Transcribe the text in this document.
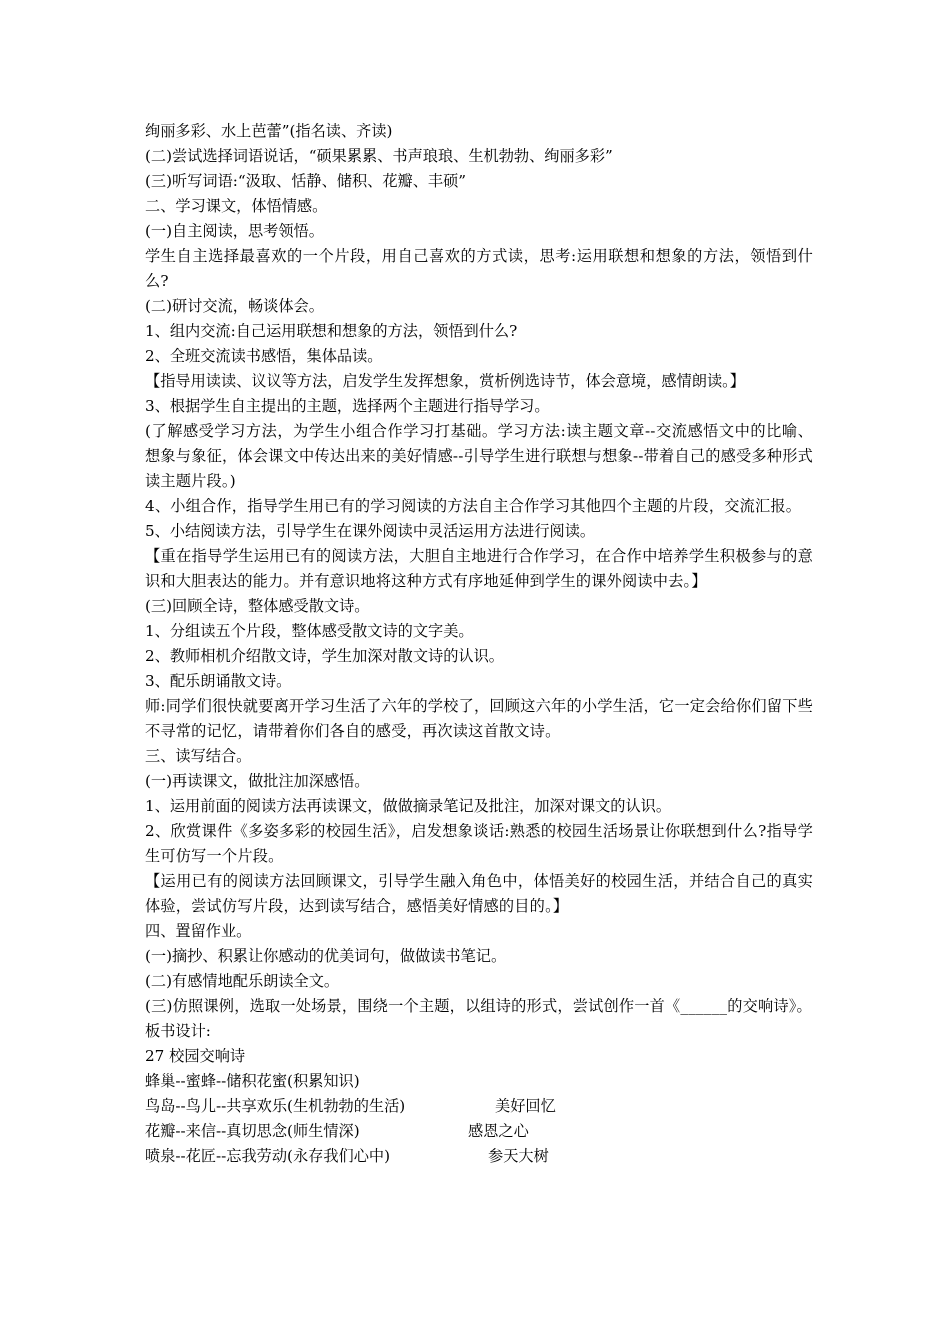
绚丽多彩、水上芭蕾”(指名读、齐读)
(二)尝试选择词语说话，“硕果累累、书声琅琅、生机勃勃、绚丽多彩”
(三)听写词语:“汲取、恬静、储积、花瓣、丰硕”
二、学习课文，体悟情感。
(一)自主阅读，思考领悟。
学生自主选择最喜欢的一个片段，用自己喜欢的方式读，思考:运用联想和想象的方法，领悟到什么?
(二)研讨交流，畅谈体会。
1、组内交流:自己运用联想和想象的方法，领悟到什么?
2、全班交流读书感悟，集体品读。
【指导用读读、议议等方法，启发学生发挥想象，赏析例选诗节，体会意境，感情朗读。】
3、根据学生自主提出的主题，选择两个主题进行指导学习。
(了解感受学习方法，为学生小组合作学习打基础。学习方法:读主题文章--交流感悟文中的比喻、想象与象征，体会课文中传达出来的美好情感--引导学生进行联想与想象--带着自己的感受多种形式读主题片段。)
4、小组合作，指导学生用已有的学习阅读的方法自主合作学习其他四个主题的片段，交流汇报。
5、小结阅读方法，引导学生在课外阅读中灵活运用方法进行阅读。
【重在指导学生运用已有的阅读方法，大胆自主地进行合作学习，在合作中培养学生积极参与的意识和大胆表达的能力。并有意识地将这种方式有序地延伸到学生的课外阅读中去。】
(三)回顾全诗，整体感受散文诗。
1、分组读五个片段，整体感受散文诗的文字美。
2、教师相机介绍散文诗，学生加深对散文诗的认识。
3、配乐朗诵散文诗。
师:同学们很快就要离开学习生活了六年的学校了，回顾这六年的小学生活，它一定会给你们留下些不寻常的记忆，请带着你们各自的感受，再次读这首散文诗。
三、读写结合。
(一)再读课文，做批注加深感悟。
1、运用前面的阅读方法再读课文，做做摘录笔记及批注，加深对课文的认识。
2、欣赏课件《多姿多彩的校园生活》，启发想象谈话:熟悉的校园生活场景让你联想到什么?指导学生可仿写一个片段。
【运用已有的阅读方法回顾课文，引导学生融入角色中，体悟美好的校园生活，并结合自己的真实体验，尝试仿写片段，达到读写结合，感悟美好情感的目的。】
四、置留作业。
(一)摘抄、积累让你感动的优美词句，做做读书笔记。
(二)有感情地配乐朗读全文。
(三)仿照课例，选取一处场景，围绕一个主题，以组诗的形式，尝试创作一首《______的交响诗》。
板书设计:
27 校园交响诗
蜂巢--蜜蜂--储积花蜜(积累知识)
鸟岛--鸟儿--共享欢乐(生机勃勃的生活)	美好回忆
花瓣--来信--真切思念(师生情深)	感恩之心
喷泉--花匠--忘我劳动(永存我们心中)	参天大树
